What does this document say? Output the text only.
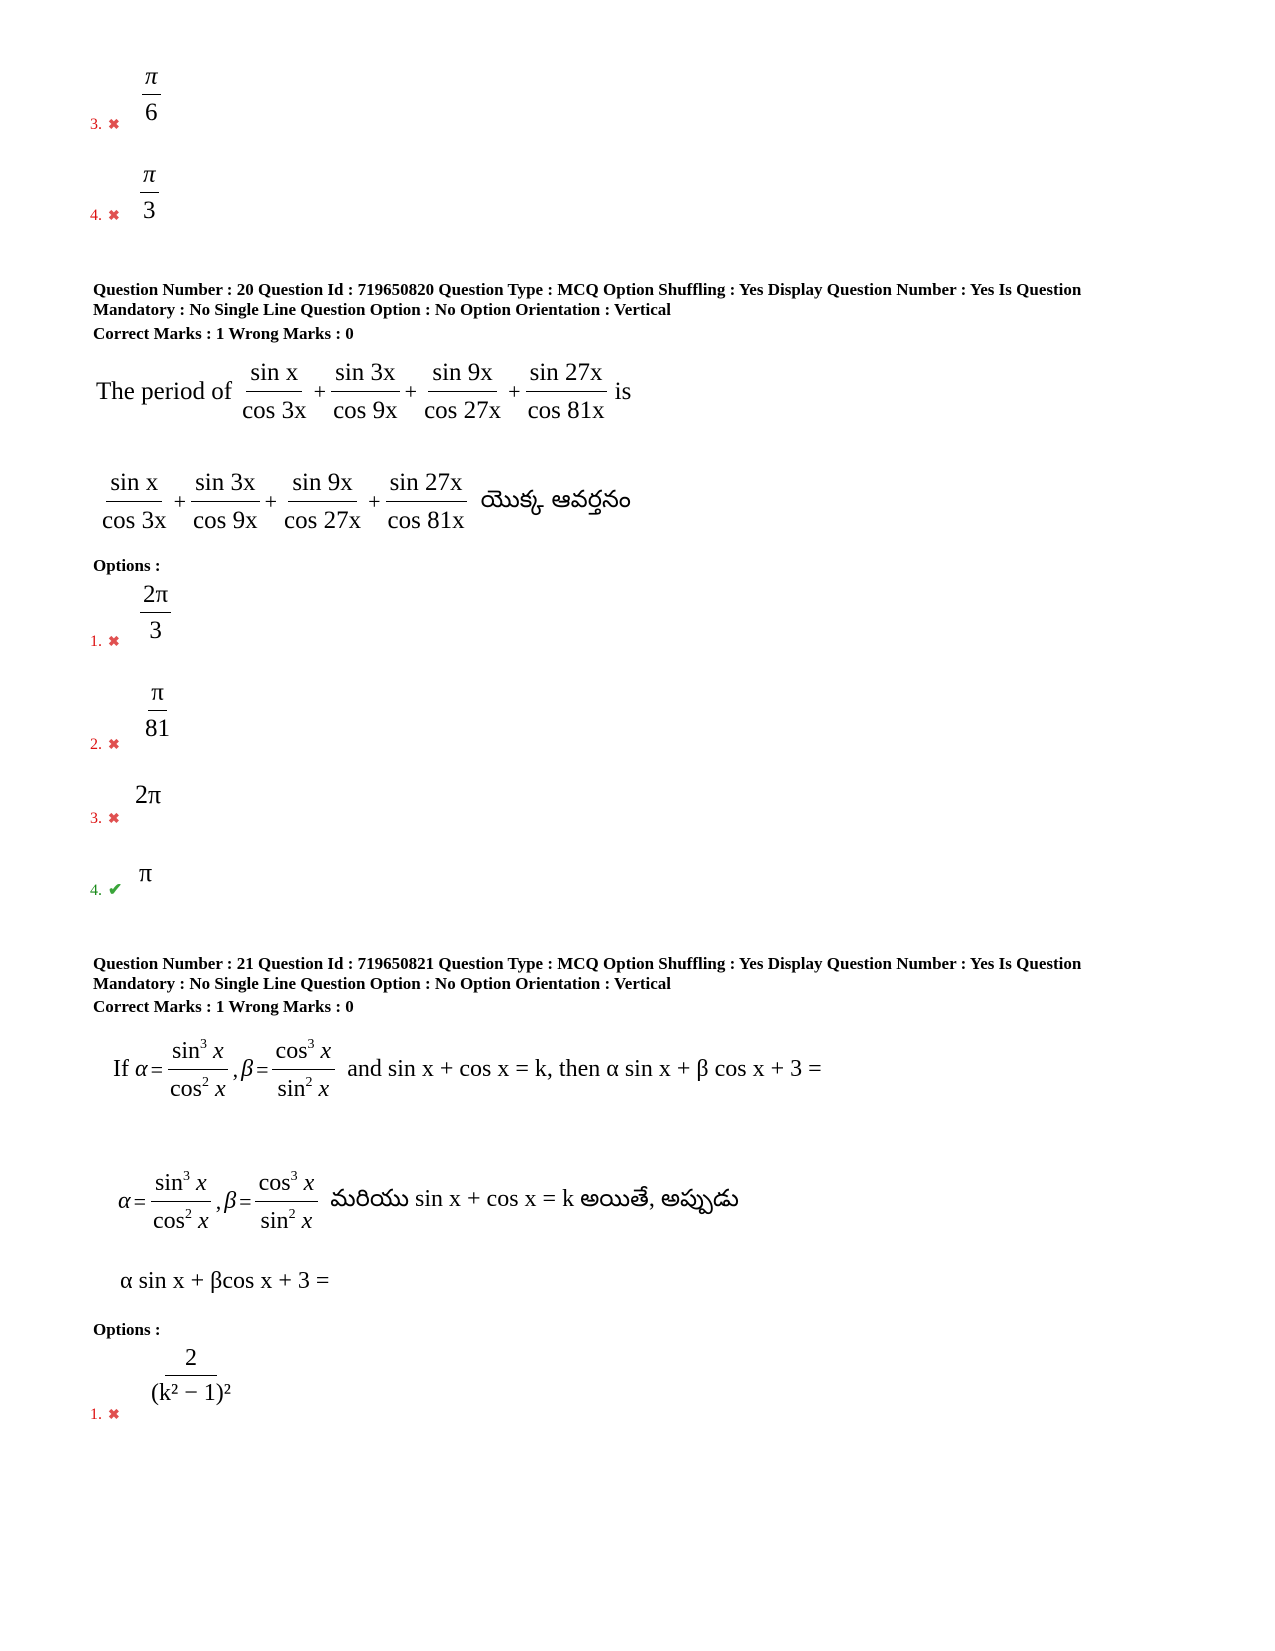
$\frac{\pi}{6}$
3. ✖
$\frac{\pi}{3}$
4. ✖
Question Number : 20 Question Id : 719650820 Question Type : MCQ Option Shuffling : Yes Display Question Number : Yes Is Question
Mandatory : No Single Line Question Option : No Option Orientation : Vertical
Correct Marks : 1 Wrong Marks : 0
The period of
sin x
cos 3x
+ $\frac{\sin 3x}{\cos 9x} + \frac{\sin 9x}{\cos 27x} + \frac{\sin 27x}{\cos 81x}$ is
sin x
cos 3x
+ $\frac{\sin 3x}{\cos 9x} + \frac{\sin 9x}{\cos 27x} + \frac{\sin 27x}{\cos 81x}$ యొక్క ఆవర్తనం
Options :
$\frac{2\pi}{3}$
1. ✖
$\frac{\pi}{81}$
2. ✖
2π
3. ✖
π
4. ✔
Question Number : 21 Question Id : 719650821 Question Type : MCQ Option Shuffling : Yes Display Question Number : Yes Is Question
Mandatory : No Single Line Question Option : No Option Orientation : Vertical
Correct Marks : 1 Wrong Marks : 0
If $\alpha = \frac{\sin^3 x}{\cos^2 x}$ , $\beta = \frac{\cos^3 x}{\sin^2 x}$ and sin x + cos x = k, then α sin x + β cos x + 3 =
$\alpha = \frac{\sin^3 x}{\cos^2 x}$ , $\beta = \frac{\cos^3 x}{\sin^2 x}$ మరియు sin x + cos x = k అయితే, అప్పుడు
α sin x + βcos x + 3 =
Options :
$\frac{2}{\text{(k² − 1)²}}$
1. ✖
